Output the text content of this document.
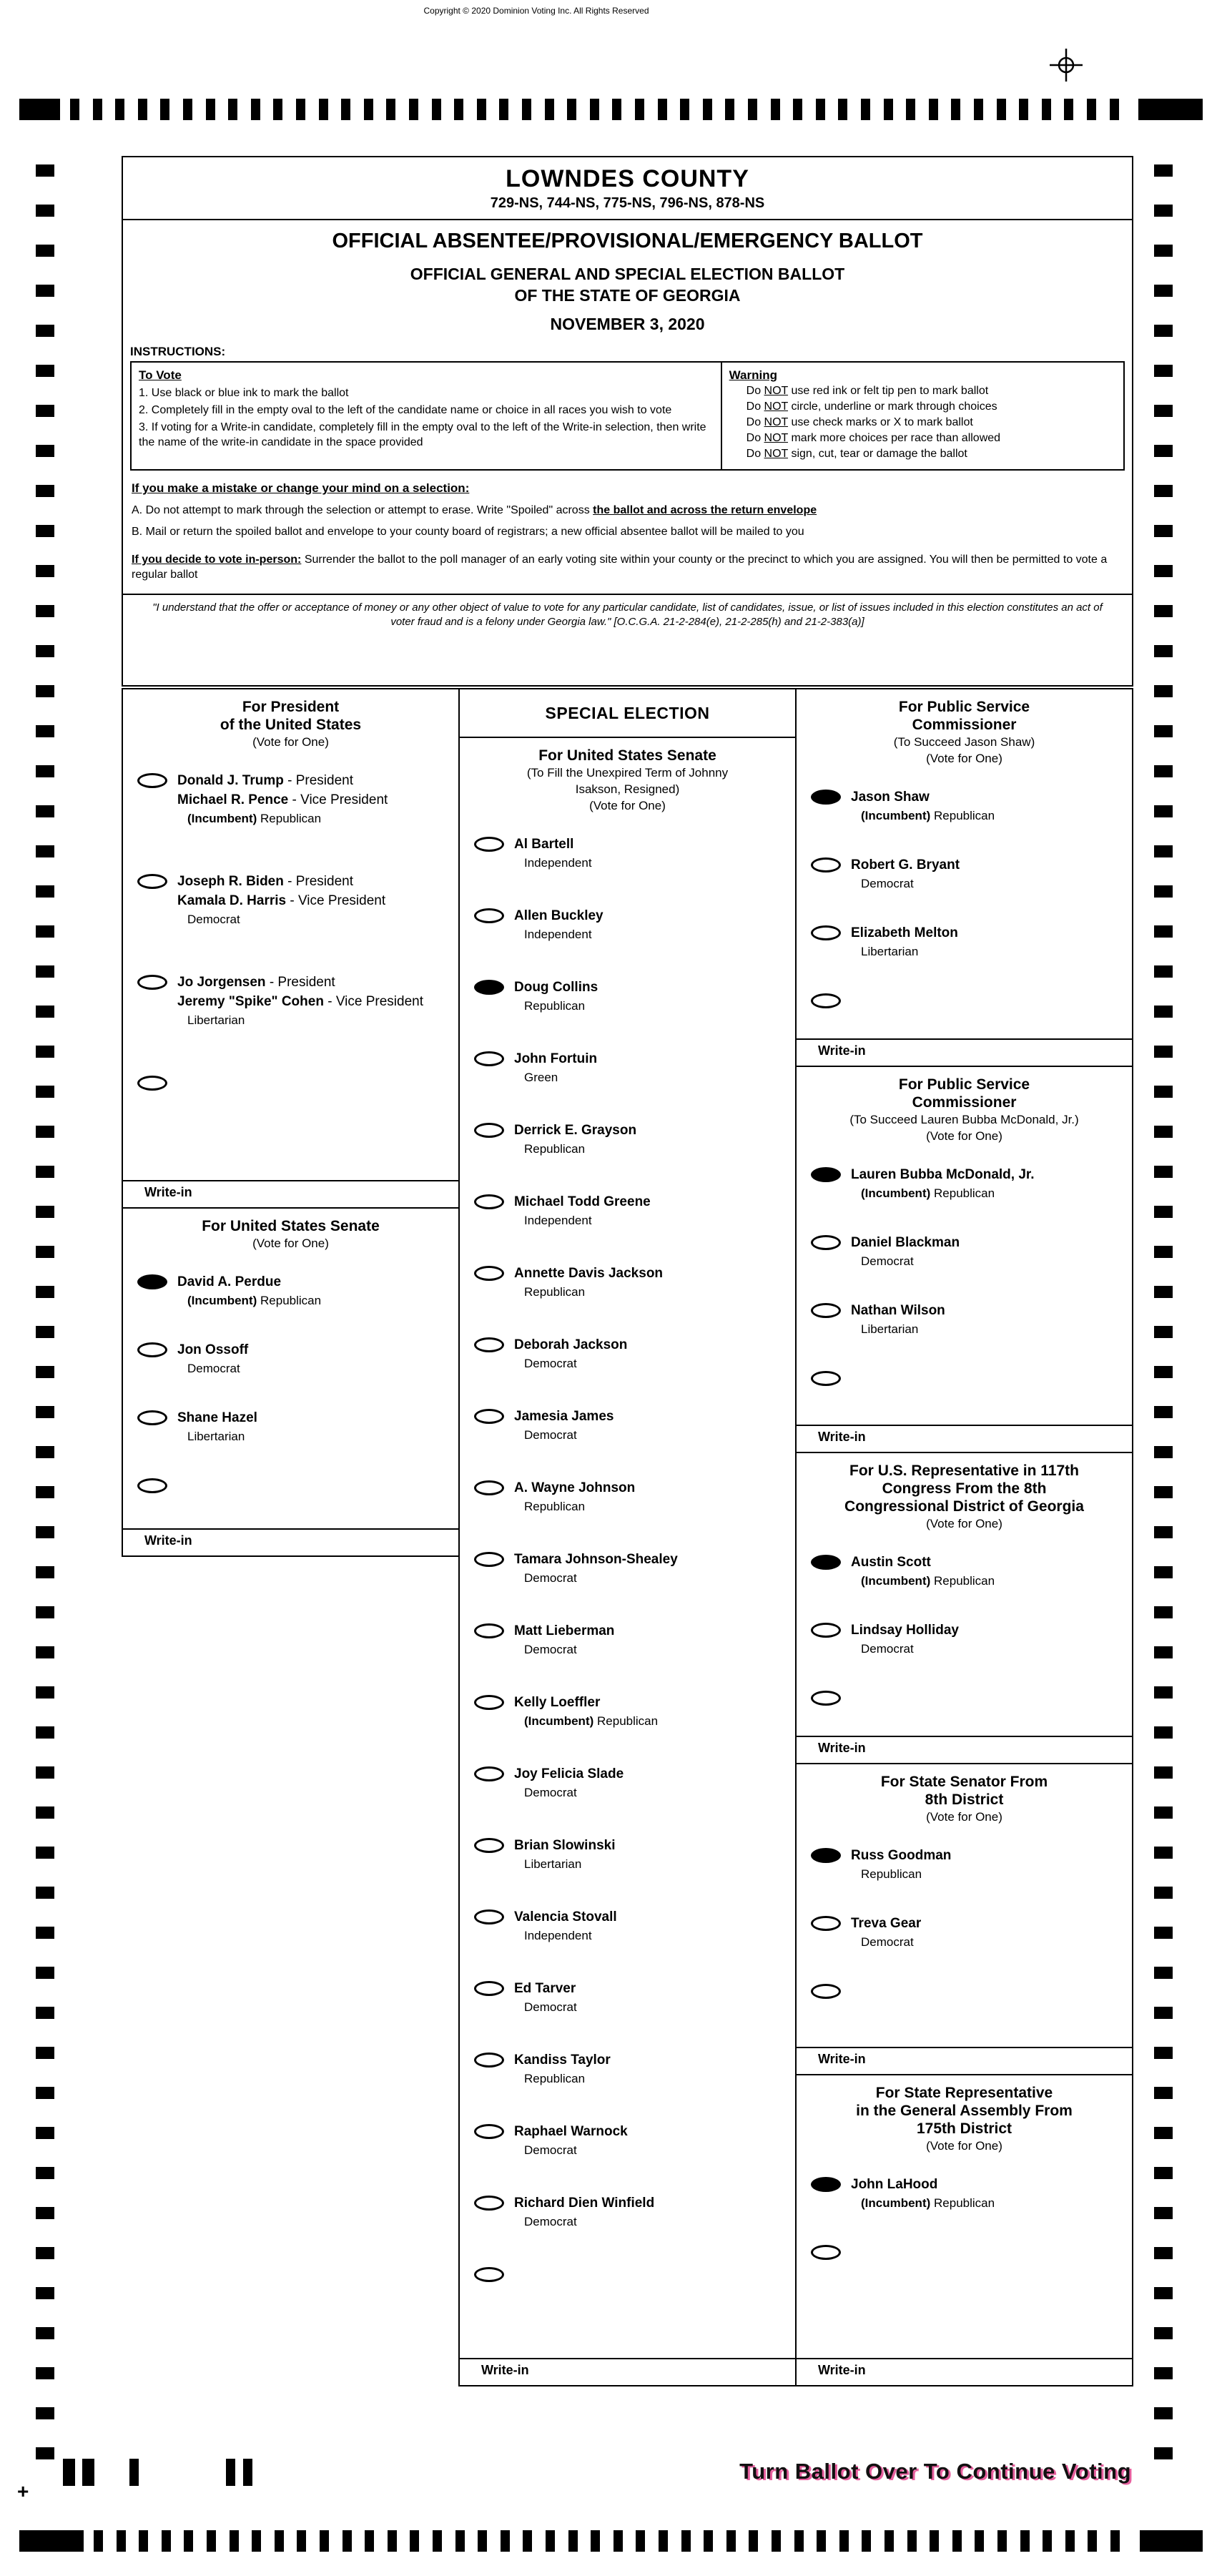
Copyright © 2020 Dominion Voting Inc. All Rights Reserved
LOWNDES COUNTY
729-NS, 744-NS, 775-NS, 796-NS, 878-NS
OFFICIAL ABSENTEE/PROVISIONAL/EMERGENCY BALLOT
OFFICIAL GENERAL AND SPECIAL ELECTION BALLOT
OF THE STATE OF GEORGIA
NOVEMBER 3, 2020
INSTRUCTIONS:
To Vote
1. Use black or blue ink to mark the ballot
2. Completely fill in the empty oval to the left of the candidate name or choice in all races you wish to vote
3. If voting for a Write-in candidate, completely fill in the empty oval to the left of the Write-in selection, then write the name of the write-in candidate in the space provided
Warning
Do NOT use red ink or felt tip pen to mark ballot
Do NOT circle, underline or mark through choices
Do NOT use check marks or X to mark ballot
Do NOT mark more choices per race than allowed
Do NOT sign, cut, tear or damage the ballot
If you make a mistake or change your mind on a selection:
A. Do not attempt to mark through the selection or attempt to erase. Write "Spoiled" across the ballot and across the return envelope
B. Mail or return the spoiled ballot and envelope to your county board of registrars; a new official absentee ballot will be mailed to you

If you decide to vote in-person: Surrender the ballot to the poll manager of an early voting site within your county or the precinct to which you are assigned. You will then be permitted to vote a regular ballot

"I understand that the offer or acceptance of money or any other object of value to vote for any particular candidate, list of candidates, issue, or list of issues included in this election constitutes an act of voter fraud and is a felony under Georgia law." [O.C.G.A. 21-2-284(e), 21-2-285(h) and 21-2-383(a)]
SPECIAL ELECTION
For President
of the United States
(Vote for One)
Donald J. Trump - President
Michael R. Pence - Vice President
(Incumbent) Republican
Joseph R. Biden - President
Kamala D. Harris - Vice President
Democrat
Jo Jorgensen - President
Jeremy "Spike" Cohen - Vice President
Libertarian
Write-in
For United States Senate
(Vote for One)
David A. Perdue
(Incumbent) Republican
Jon Ossoff
Democrat
Shane Hazel
Libertarian
Write-in
For United States Senate
(To Fill the Unexpired Term of Johnny
Isakson, Resigned)
(Vote for One)
Al Bartell
Independent
Allen Buckley
Independent
Doug Collins
Republican
John Fortuin
Green
Derrick E. Grayson
Republican
Michael Todd Greene
Independent
Annette Davis Jackson
Republican
Deborah Jackson
Democrat
Jamesia James
Democrat
A. Wayne Johnson
Republican
Tamara Johnson-Shealey
Democrat
Matt Lieberman
Democrat
Kelly Loeffler
(Incumbent) Republican
Joy Felicia Slade
Democrat
Brian Slowinski
Libertarian
Valencia Stovall
Independent
Ed Tarver
Democrat
Kandiss Taylor
Republican
Raphael Warnock
Democrat
Richard Dien Winfield
Democrat
Write-in
For Public Service
Commissioner
(To Succeed Jason Shaw)
(Vote for One)
Jason Shaw
(Incumbent) Republican
Robert G. Bryant
Democrat
Elizabeth Melton
Libertarian
Write-in
For Public Service
Commissioner
(To Succeed Lauren Bubba McDonald, Jr.)
(Vote for One)
Lauren Bubba McDonald, Jr.
(Incumbent) Republican
Daniel Blackman
Democrat
Nathan Wilson
Libertarian
Write-in
For U.S. Representative in 117th
Congress From the 8th
Congressional District of Georgia
(Vote for One)
Austin Scott
(Incumbent) Republican
Lindsay Holliday
Democrat
Write-in
For State Senator From
8th District
(Vote for One)
Russ Goodman
Republican
Treva Gear
Democrat
Write-in
For State Representative
in the General Assembly From
175th District
(Vote for One)
John LaHood
(Incumbent) Republican
Write-in
+
Turn Ballot Over To Continue Voting
